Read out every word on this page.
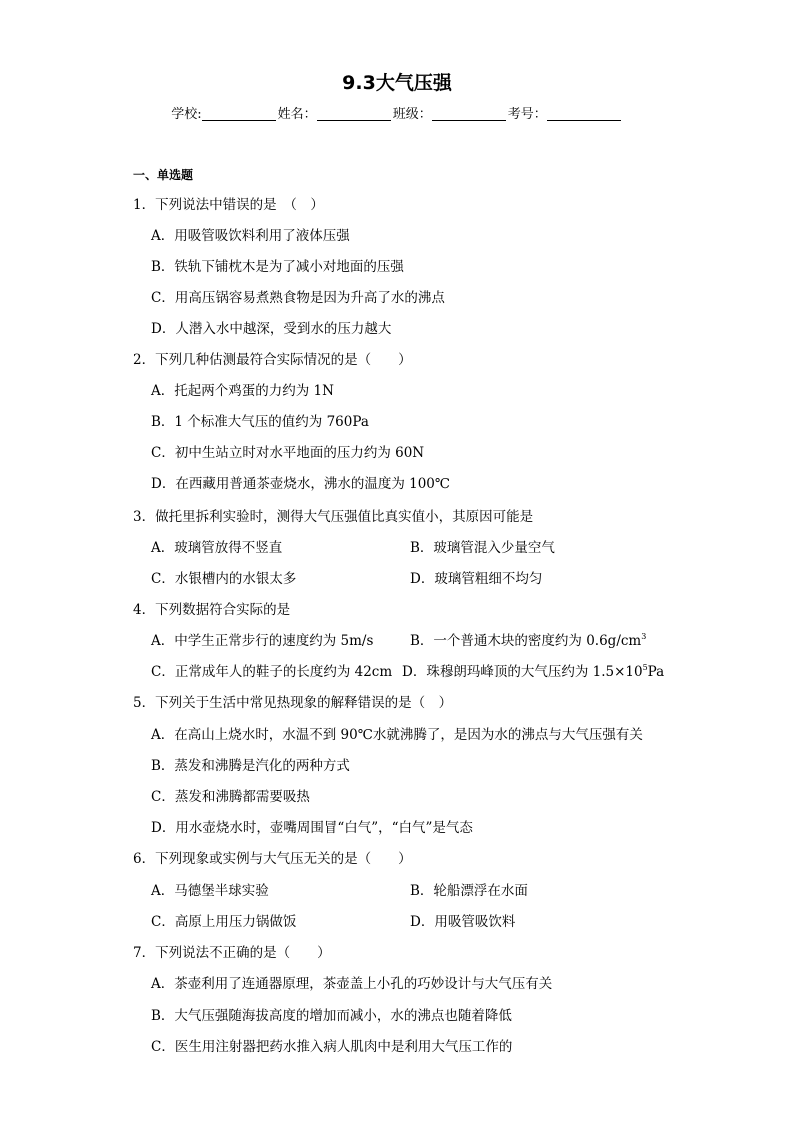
9.3大气压强
学校:	姓名：	班级：	考号：
一、单选题
1．下列说法中错误的是　（　）
A．用吸管吸饮料利用了液体压强
B．铁轨下铺枕木是为了减小对地面的压强
C．用高压锅容易煮熟食物是因为升高了水的沸点
D．人潜入水中越深，受到水的压力越大
2．下列几种估测最符合实际情况的是（　　）
A．托起两个鸡蛋的力约为 1N
B．1 个标准大气压的值约为 760Pa
C．初中生站立时对水平地面的压力约为 60N
D．在西藏用普通茶壶烧水，沸水的温度为 100℃
3．做托里拆利实验时，测得大气压强值比真实值小，其原因可能是
A．玻璃管放得不竖直	B．玻璃管混入少量空气
C．水银槽内的水银太多	D．玻璃管粗细不均匀
4．下列数据符合实际的是
A．中学生正常步行的速度约为 5m/s	B．一个普通木块的密度约为 $0.6g/cm^3$
C．正常成年人的鞋子的长度约为 42cm D．珠穆朗玛峰顶的大气压约为 $1.5\times 10^5Pa$
5．下列关于生活中常见热现象的解释错误的是（　）
A．在高山上烧水时，水温不到 90℃水就沸腾了，是因为水的沸点与大气压强有关
B．蒸发和沸腾是汽化的两种方式
C．蒸发和沸腾都需要吸热
D．用水壶烧水时，壶嘴周围冒“白气”，“白气”是气态
6．下列现象或实例与大气压无关的是（　　）
A．马德堡半球实验	B．轮船漂浮在水面
C．高原上用压力锅做饭	D．用吸管吸饮料
7．下列说法不正确的是（　　）
A．茶壶利用了连通器原理，茶壶盖上小孔的巧妙设计与大气压有关
B．大气压强随海拔高度的增加而减小，水的沸点也随着降低
C．医生用注射器把药水推入病人肌肉中是利用大气压工作的
